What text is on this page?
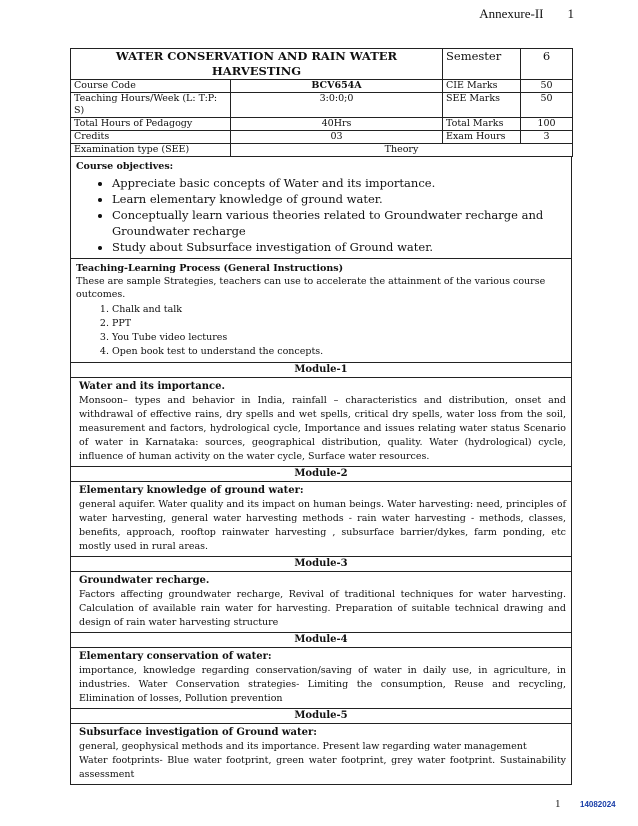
Annexure-II 1
WATER CONSERVATION AND RAIN WATER HARVESTING		Semester	6
Course Code	BCV654A	CIE Marks	50
Teaching Hours/Week (L: T:P: S)	3:0:0;0	SEE Marks	50
Total Hours of Pedagogy	40Hrs	Total Marks	100
Credits	03	Exam Hours	3
Examination type (SEE)	Theory		
Course objectives:
• Appreciate basic concepts of Water and its importance.
• Learn elementary knowledge of ground water.
• Conceptually learn various theories related to Groundwater recharge and Groundwater recharge
• Study about Subsurface investigation of Ground water.
Teaching-Learning Process (General Instructions)
These are sample Strategies, teachers can use to accelerate the attainment of the various course outcomes.
1. Chalk and talk
2. PPT
3. You Tube video lectures
4. Open book test to understand the concepts.
Module-1
Water and its importance.
Monsoon– types and behavior in India, rainfall – characteristics and distribution, onset and withdrawal of effective rains, dry spells and wet spells, critical dry spells, water loss from the soil, measurement and factors, hydrological cycle, Importance and issues relating water status Scenario of water in Karnataka: sources, geographical distribution, quality. Water (hydrological) cycle, influence of human activity on the water cycle, Surface water resources.
Module-2
Elementary knowledge of ground water:
general aquifer. Water quality and its impact on human beings. Water harvesting: need, principles of water harvesting, general water harvesting methods - rain water harvesting - methods, classes, benefits, approach, rooftop rainwater harvesting , subsurface barrier/dykes, farm ponding, etc mostly used in rural areas.
Module-3
Groundwater recharge.
Factors affecting groundwater recharge, Revival of traditional techniques for water harvesting. Calculation of available rain water for harvesting. Preparation of suitable technical drawing and design of rain water harvesting structure
Module-4
Elementary conservation of water:
importance, knowledge regarding conservation/saving of water in daily use, in agriculture, in industries. Water Conservation strategies- Limiting the consumption, Reuse and recycling, Elimination of losses, Pollution prevention
Module-5
Subsurface investigation of Ground water:
general, geophysical methods and its importance. Present law regarding water management
Water footprints- Blue water footprint, green water footprint, grey water footprint. Sustainability assessment
1 14082024
